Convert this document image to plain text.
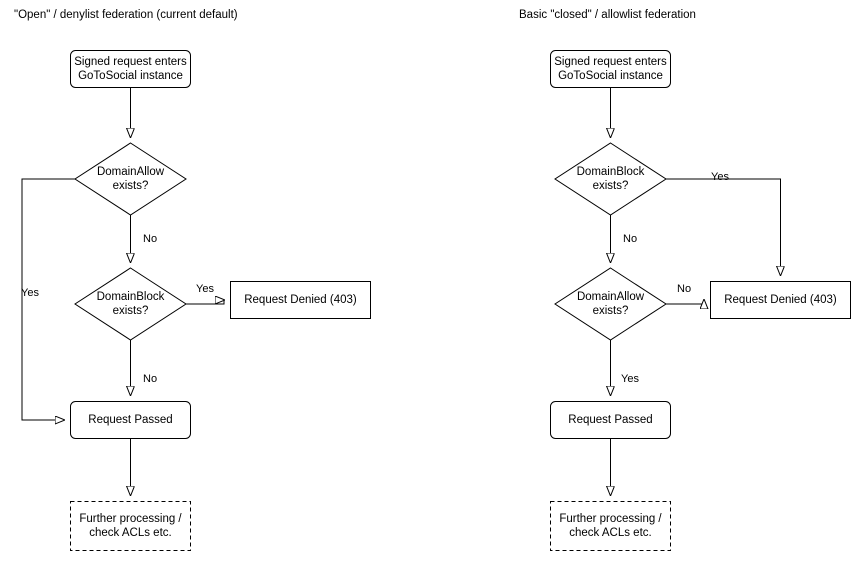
"Open" / denylist federation (current default)	Basic "closed" / allowlist federation
Signed request enters
GoToSocial instance
DomainAllow
exists?
DomainBlock
exists?
Request Denied (403)
Request Passed
Further processing /
check ACLs etc.
Signed request enters
GoToSocial instance
DomainBlock
exists?
DomainAllow
exists?
Request Denied (403)
Request Passed
Further processing /
check ACLs etc.
No
Yes	Yes
No
Yes
No
No
Yes
